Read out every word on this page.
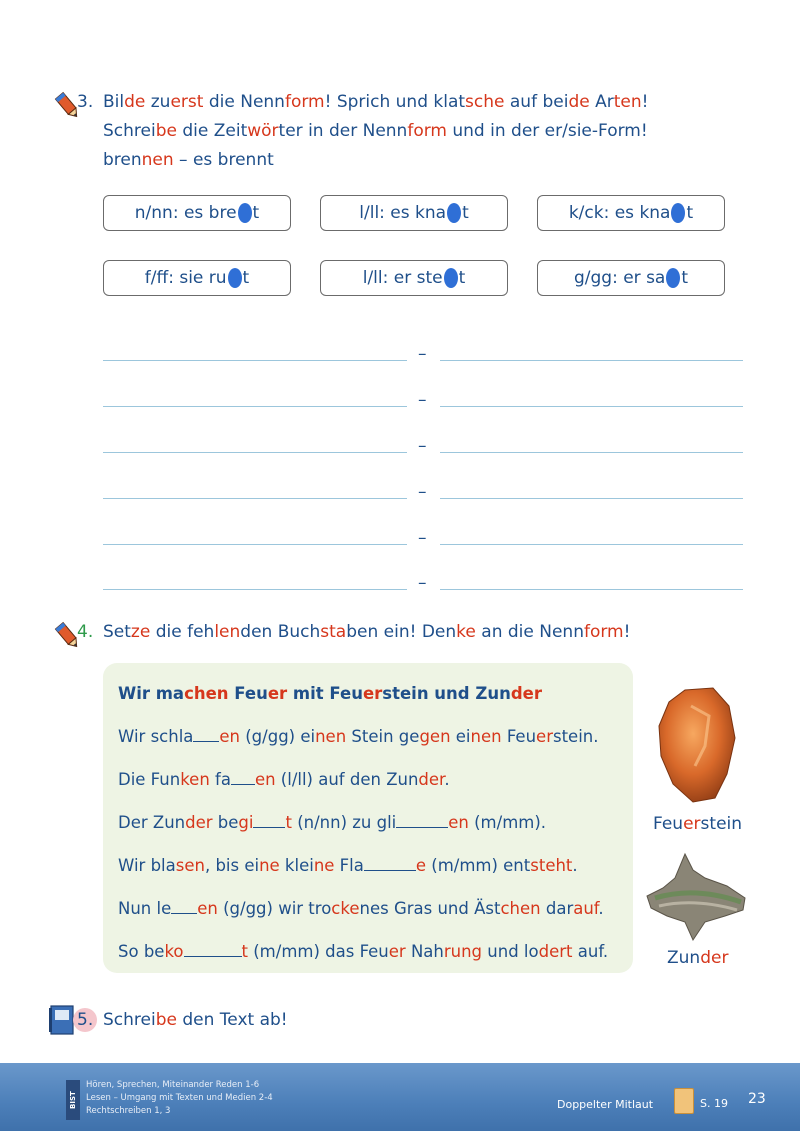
3. Bilde zuerst die Nennform! Sprich und klatsche auf beide Arten!
Schreibe die Zeitwörter in der Nennform und in der er/sie-Form!
brennen – es brennt
n/nn: es bre t	l/ll: es kna t	k/ck: es kna t
f/ff: sie ru t	l/ll: er ste t	g/gg: er sa t
–
–
–
–
–
–
4. Setze die fehlenden Buchstaben ein! Denke an die Nennform!
Wir machen Feuer mit Feuerstein und Zunder
Wir schla en (g/gg) einen Stein gegen einen Feuerstein.
Die Funken fa en (l/ll) auf den Zunder.
Der Zunder begi t (n/nn) zu gli	en (m/mm).
Wir blasen, bis eine kleine Fla	e (m/mm) entsteht.
Nun le en (g/gg) wir trockenes Gras und Ästchen darauf.
So beko	t (m/mm) das Feuer Nahrung und lodert auf.
Feuerstein
Zunder
5. Schreibe den Text ab!
BIST
Hören, Sprechen, Miteinander Reden 1-6
Lesen – Umgang mit Texten und Medien 2-4
Rechtschreiben 1, 3	Doppelter Mitlaut	S. 19 23
